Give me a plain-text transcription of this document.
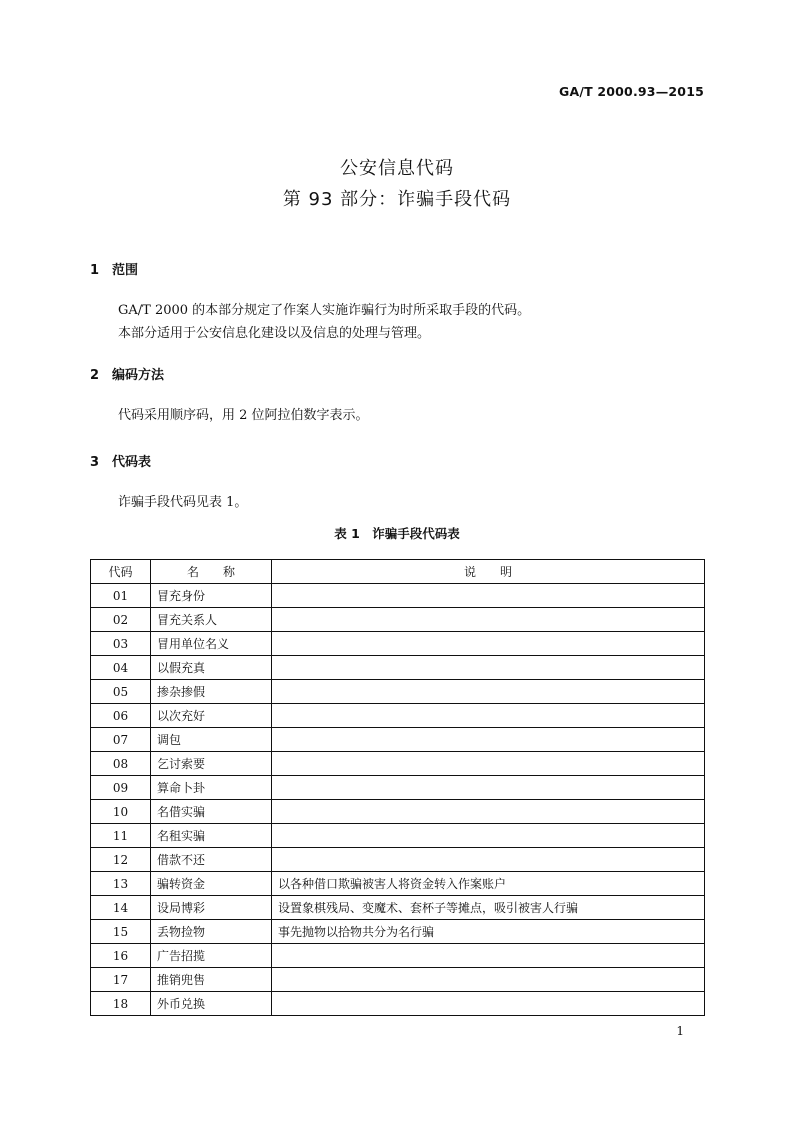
GA/T 2000.93—2015
公安信息代码
第 93 部分：诈骗手段代码
1 范围
GA/T 2000 的本部分规定了作案人实施诈骗行为时所采取手段的代码。
本部分适用于公安信息化建设以及信息的处理与管理。
2 编码方法
代码采用顺序码，用 2 位阿拉伯数字表示。
3 代码表
诈骗手段代码见表 1。
表 1　诈骗手段代码表
代码	名　　称	说　　明
01	冒充身份	
02	冒充关系人	
03	冒用单位名义	
04	以假充真	
05	掺杂掺假	
06	以次充好	
07	调包	
08	乞讨索要	
09	算命卜卦	
10	名借实骗	
11	名租实骗	
12	借款不还	
13	骗转资金	以各种借口欺骗被害人将资金转入作案账户
14	设局博彩	设置象棋残局、变魔术、套杯子等摊点，吸引被害人行骗
15	丢物捡物	事先抛物以拾物共分为名行骗
16	广告招揽	
17	推销兜售	
18	外币兑换	
1
